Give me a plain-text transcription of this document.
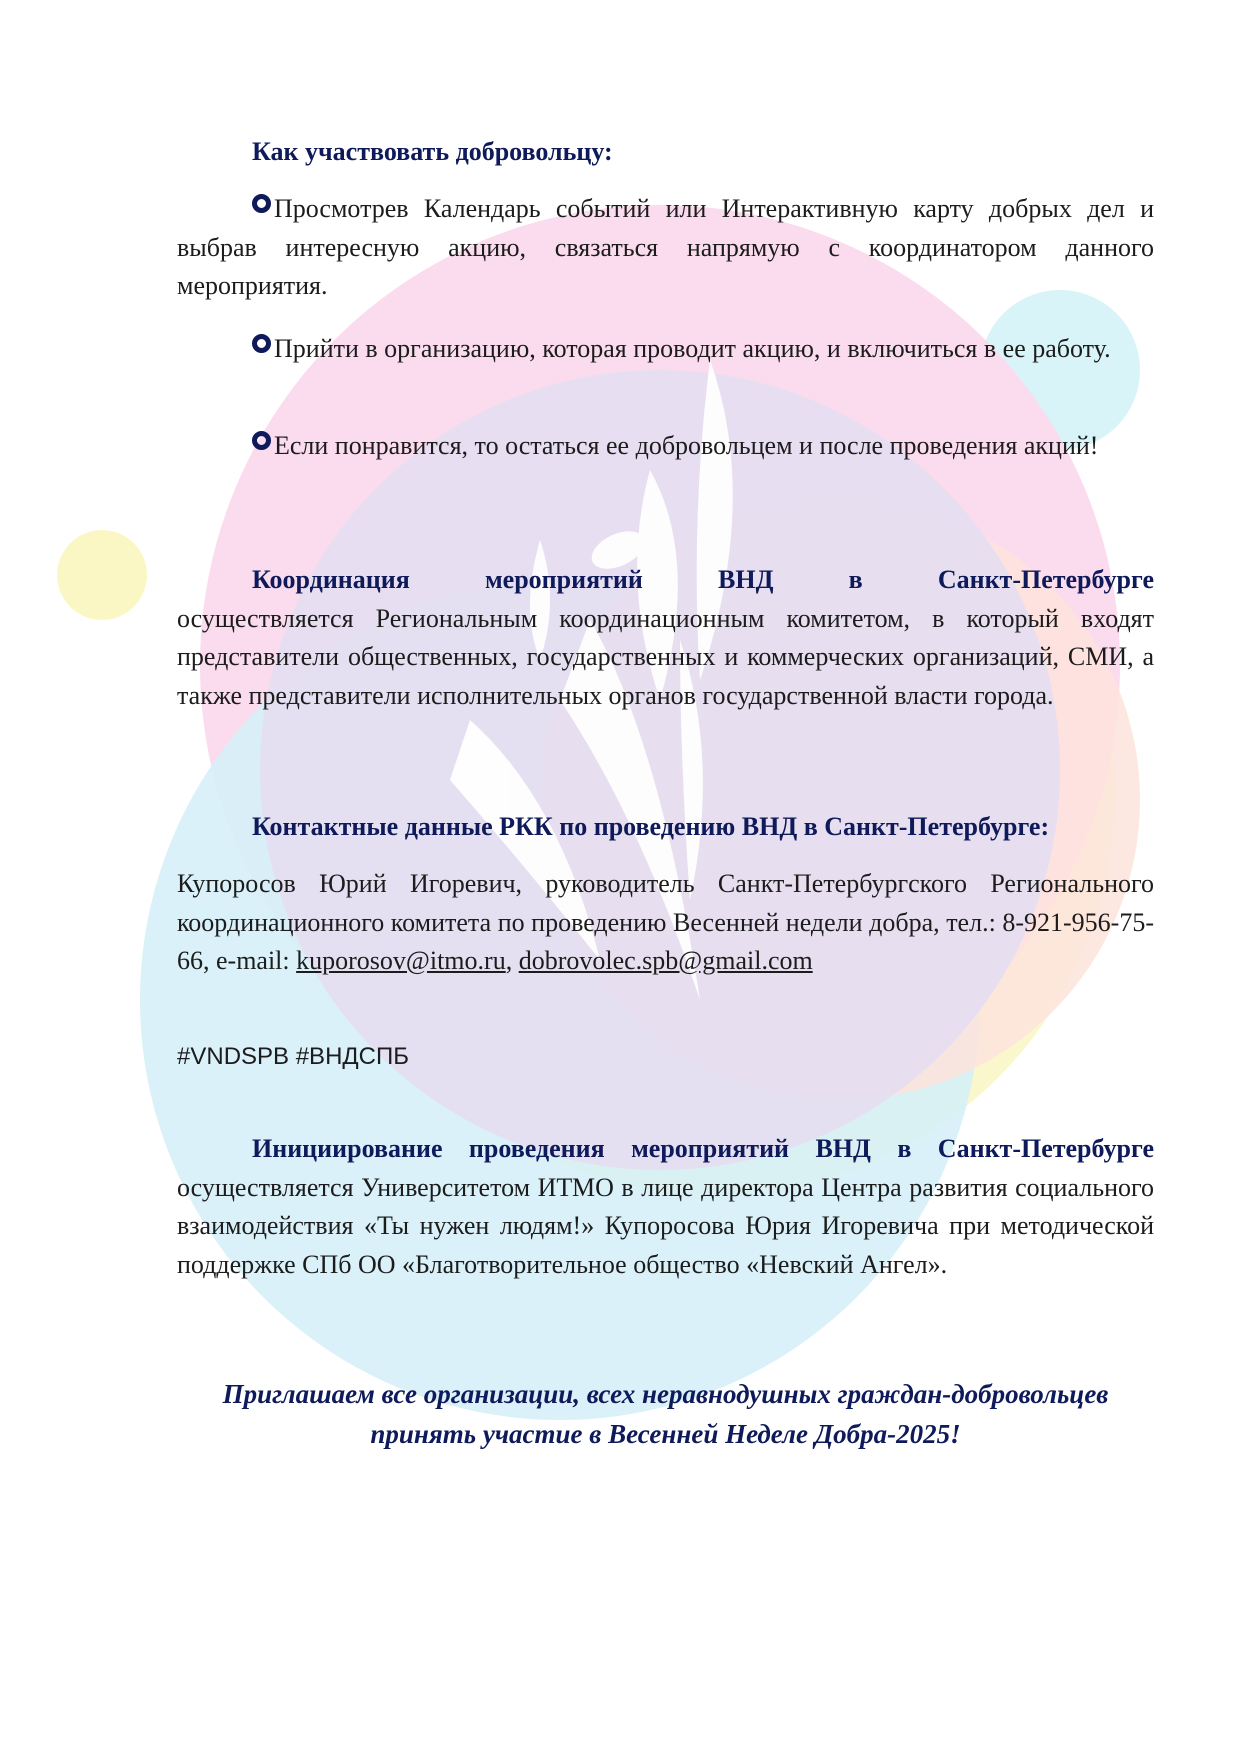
Как участвовать добровольцу:

Просмотрев Календарь событий или Интерактивную карту добрых дел и выбрав интересную акцию, связаться напрямую с координатором данного мероприятия.

Прийти в организацию, которая проводит акцию, и включиться в ее работу.

Если понравится, то остаться ее добровольцем и после проведения акций!

Координация мероприятий ВНД в Санкт-Петербурге осуществляется Региональным координационным комитетом, в который входят представители общественных, государственных и коммерческих организаций, СМИ, а также представители исполнительных органов государственной власти города.

Контактные данные РКК по проведению ВНД в Санкт-Петербурге:

Купоросов Юрий Игоревич, руководитель Санкт-Петербургского Регионального координационного комитета по проведению Весенней недели добра, тел.: 8-921-956-75-66, e-mail: kuporosov@itmo.ru, dobrovolec.spb@gmail.com

#VNDSPB #ВНДСПБ

Инициирование проведения мероприятий ВНД в Санкт-Петербурге осуществляется Университетом ИТМО в лице директора Центра развития социального взаимодействия «Ты нужен людям!» Купоросова Юрия Игоревича при методической поддержке СПб ОО «Благотворительное общество «Невский Ангел».

Приглашаем все организации, всех неравнодушных граждан-добровольцев
принять участие в Весенней Неделе Добра-2025!
